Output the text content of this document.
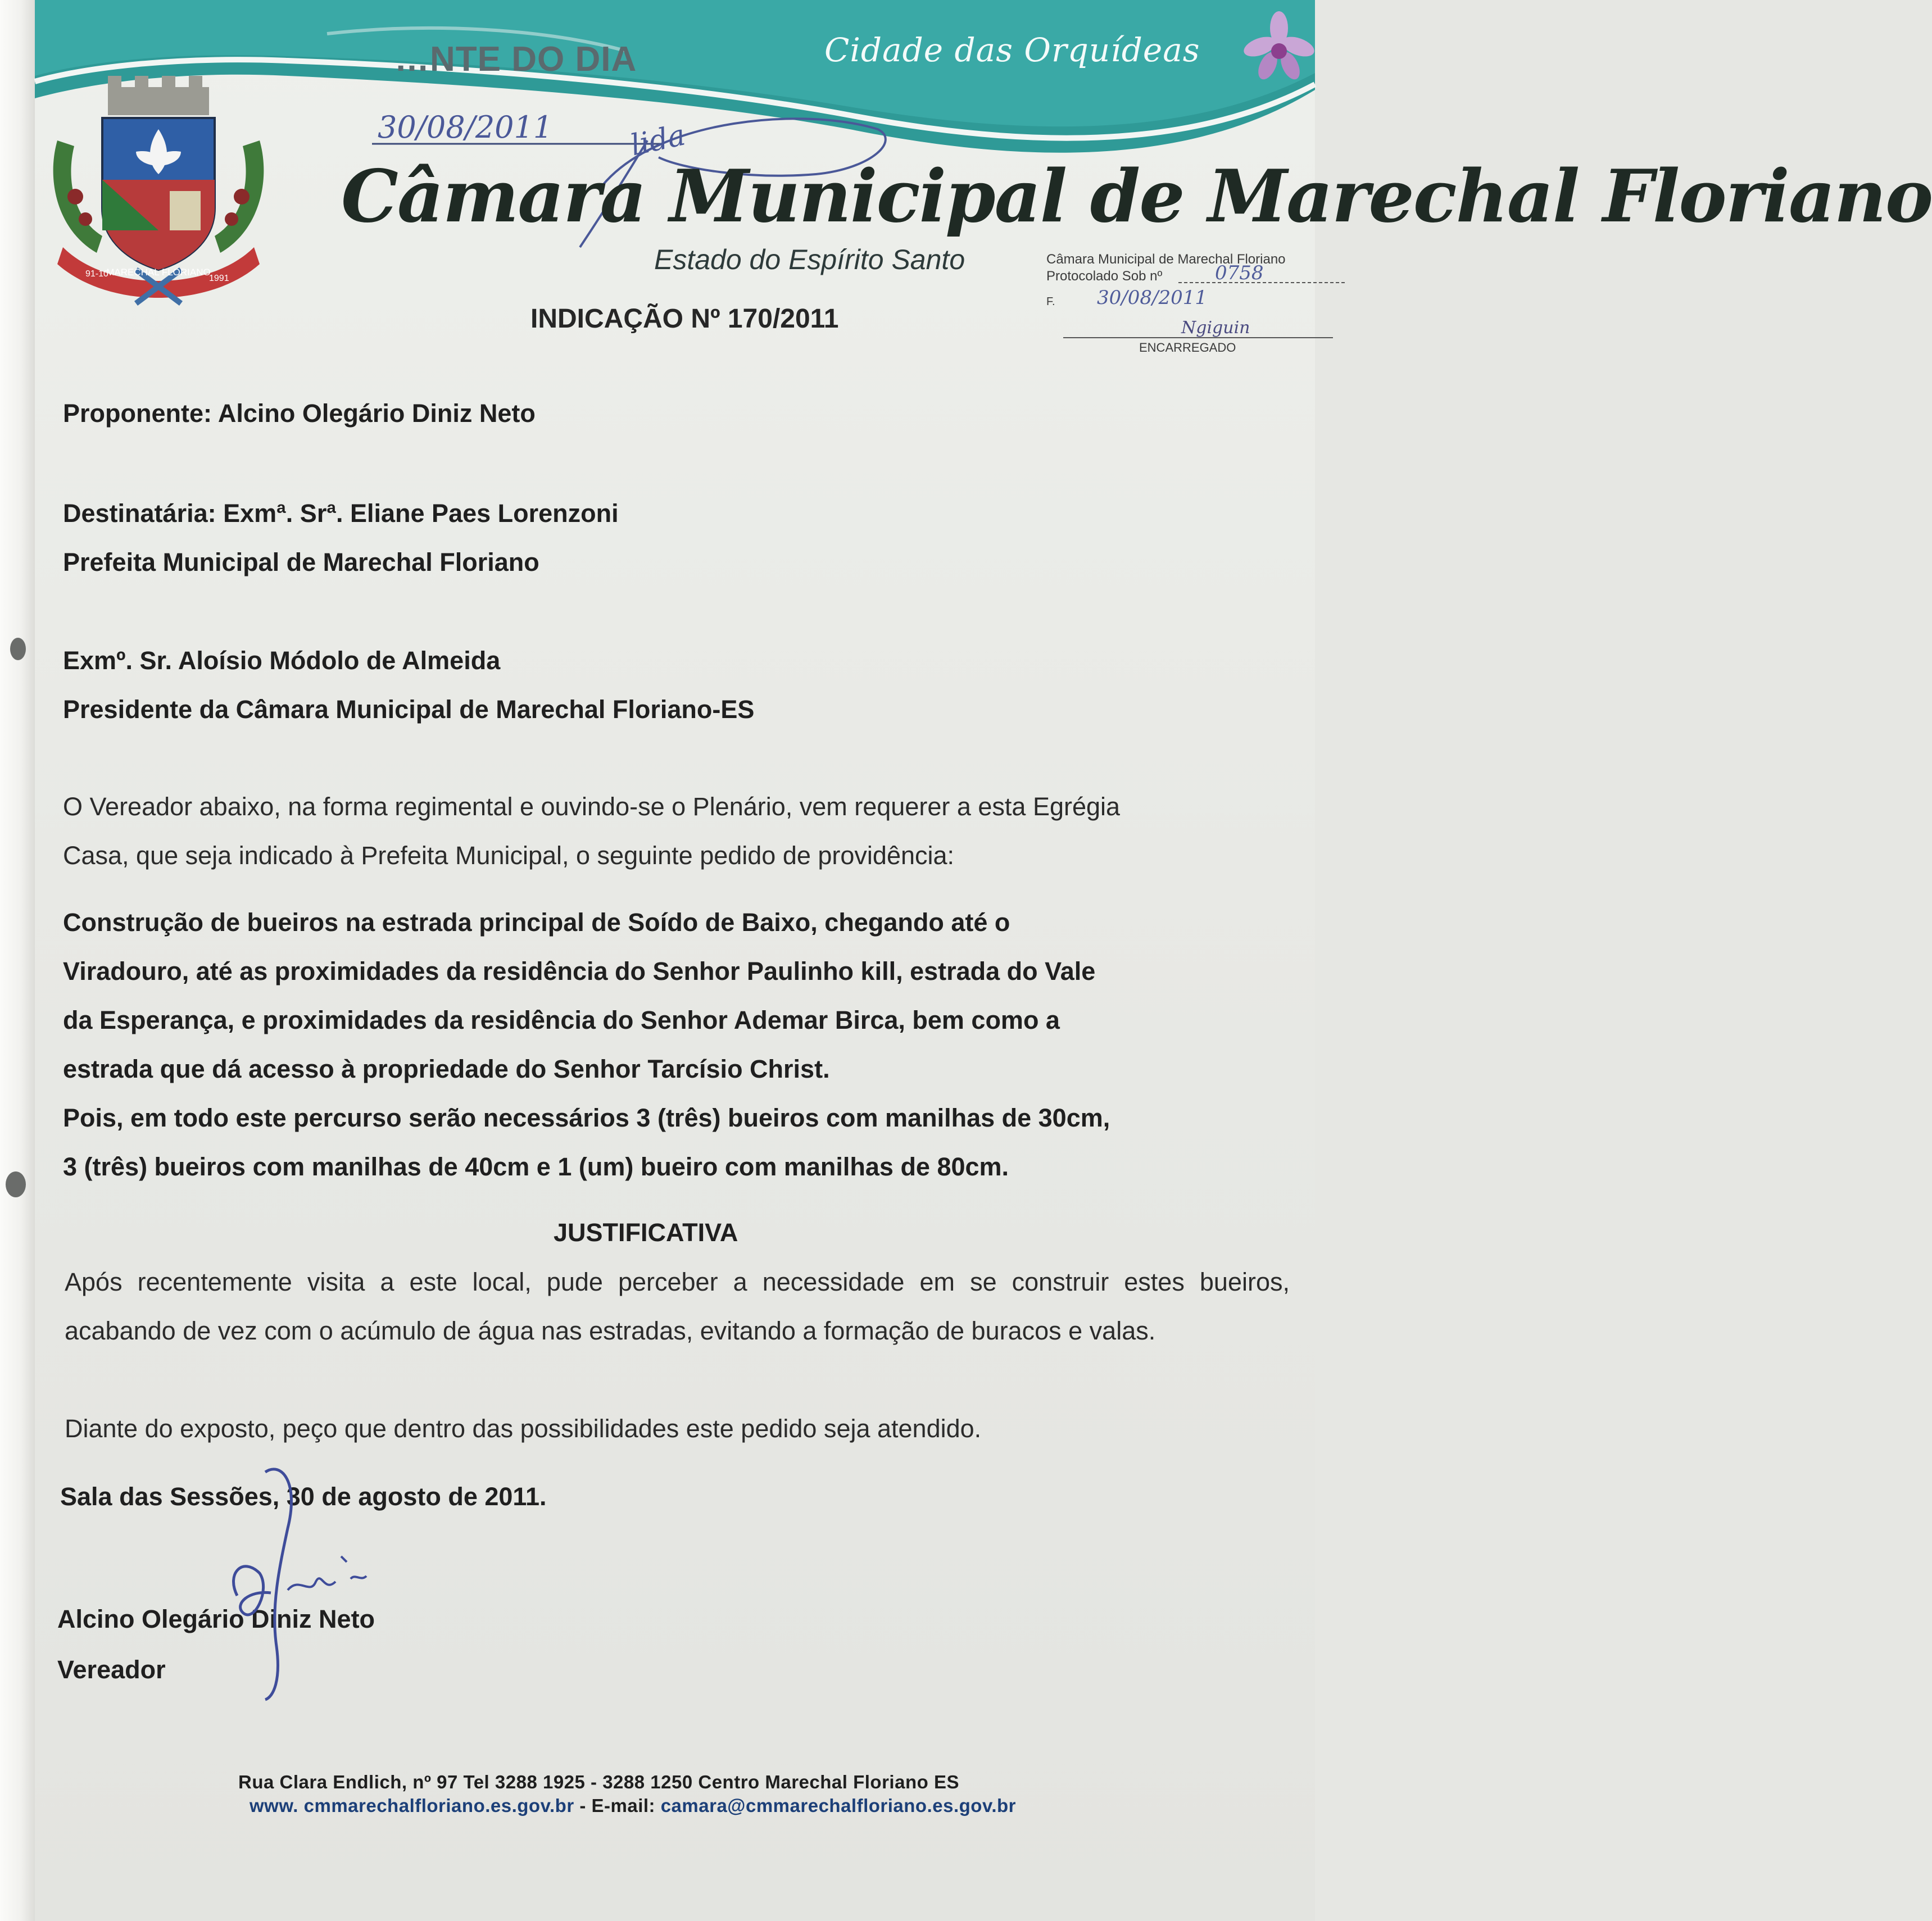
…NTE DO DIA	Cidade das Orquídeas
30/08/2011	lida
MARECHAL FLORIANO
91-10	1991
Câmara Municipal de Marechal Floriano
Estado do Espírito Santo
INDICAÇÃO Nº 170/2011
Câmara Municipal de Marechal Floriano
Protocolado Sob nº	0758
F. 30/08/2011
Ngiguin
ENCARREGADO
Proponente: Alcino Olegário Diniz Neto
Destinatária: Exmª. Srª. Eliane Paes Lorenzoni
Prefeita Municipal de Marechal Floriano
Exmº. Sr. Aloísio Módolo de Almeida
Presidente da Câmara Municipal de Marechal Floriano-ES
O Vereador abaixo, na forma regimental e ouvindo-se o Plenário, vem requerer a esta Egrégia
Casa, que seja indicado à Prefeita Municipal, o seguinte pedido de providência:
Construção de bueiros na estrada principal de Soído de Baixo, chegando até o
Viradouro, até as proximidades da residência do Senhor Paulinho kill, estrada do Vale
da Esperança, e proximidades da residência do Senhor Ademar Birca, bem como a
estrada que dá acesso à propriedade do Senhor Tarcísio Christ.
Pois, em todo este percurso serão necessários 3 (três) bueiros com manilhas de 30cm,
3 (três) bueiros com manilhas de 40cm e 1 (um) bueiro com manilhas de 80cm.
JUSTIFICATIVA
Após recentemente visita a este local, pude perceber a necessidade em se construir estes bueiros, acabando de vez com o acúmulo de água nas estradas, evitando a formação de buracos e valas.
Diante do exposto, peço que dentro das possibilidades este pedido seja atendido.
Sala das Sessões, 30 de agosto de 2011.
Alcino Olegário Diniz Neto
Vereador
Rua Clara Endlich, nº 97 Tel 3288 1925 - 3288 1250 Centro Marechal Floriano ES
www. cmmarechalfloriano.es.gov.br - E-mail: camara@cmmarechalfloriano.es.gov.br
